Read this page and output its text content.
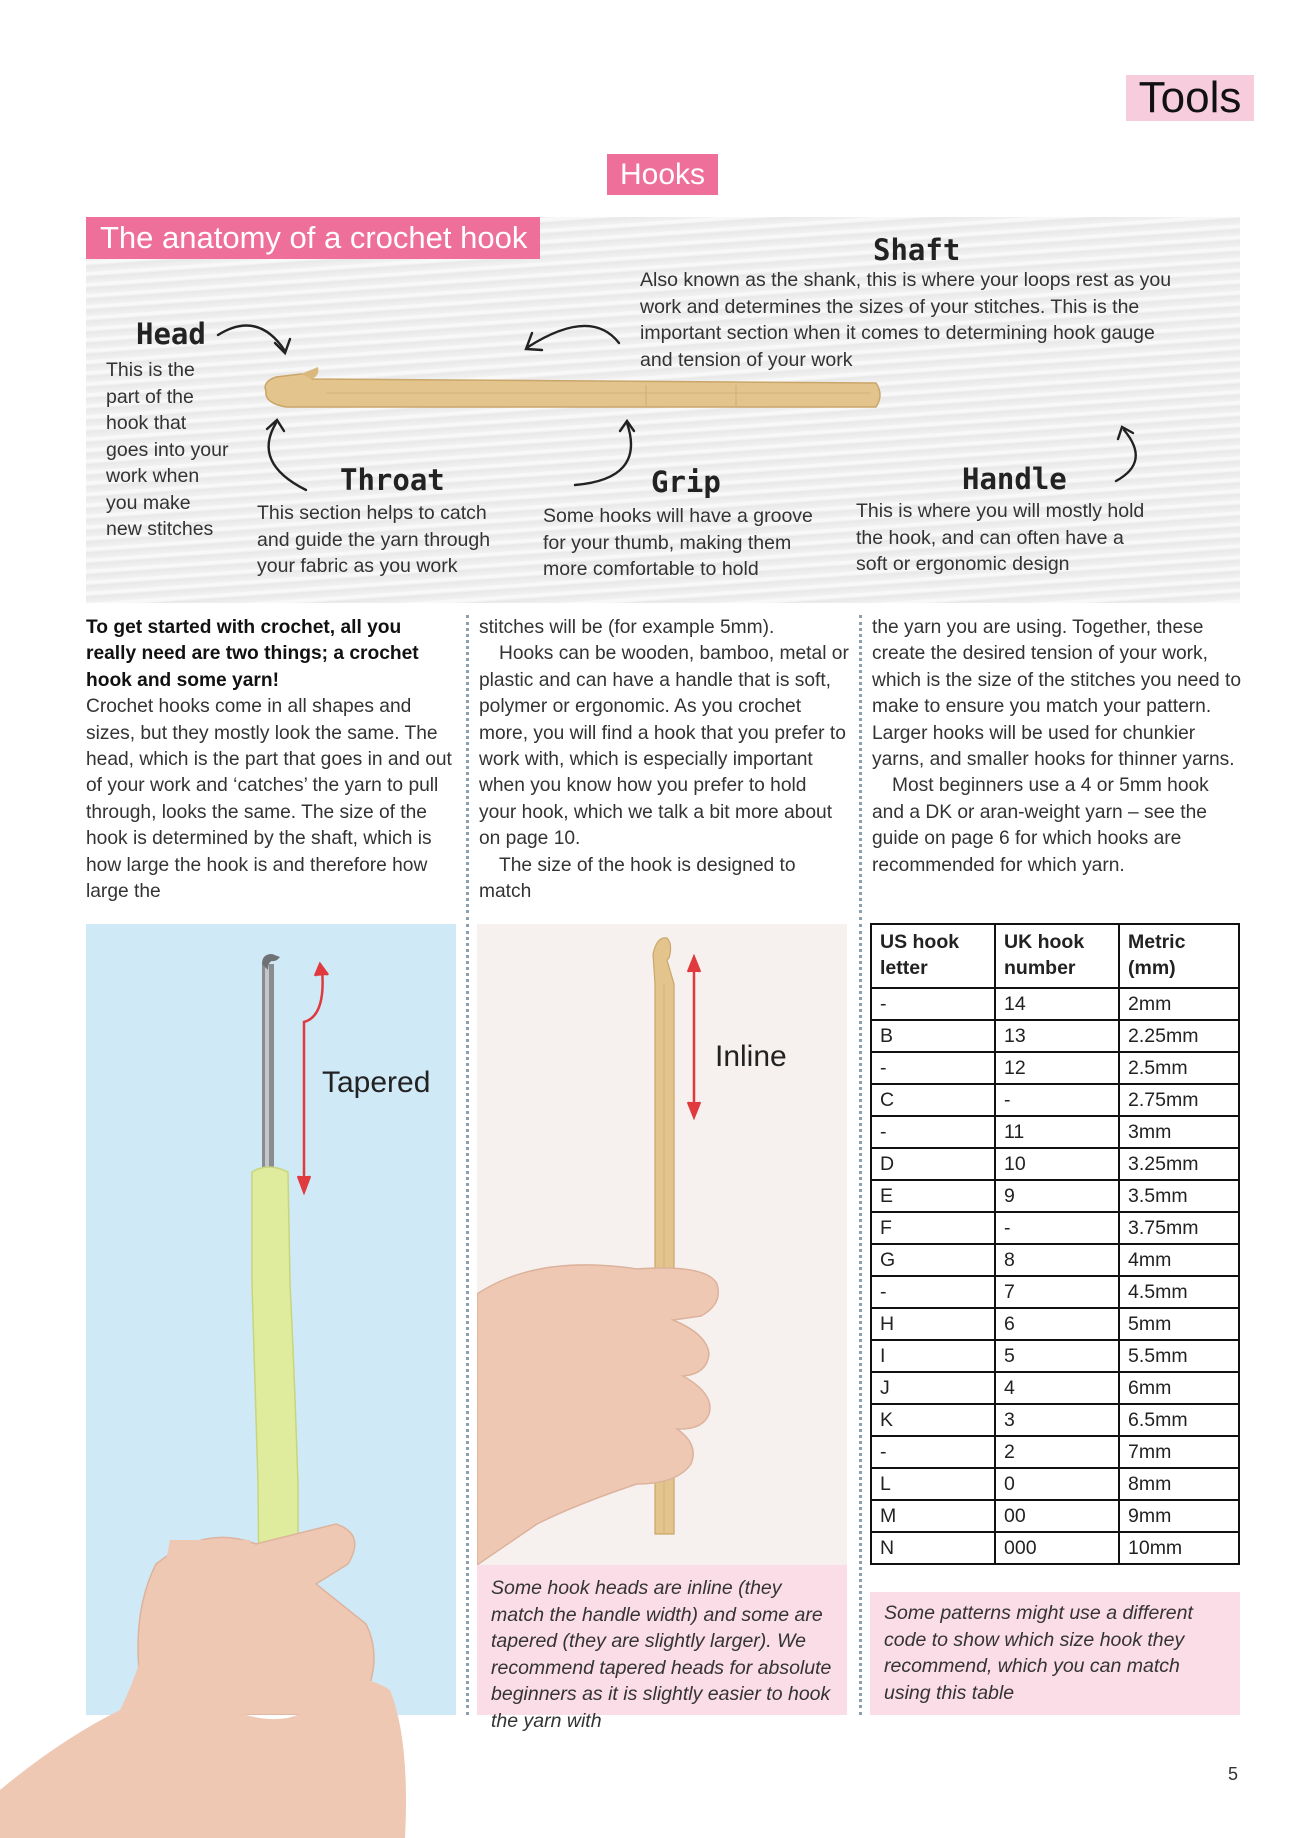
Tools
Hooks
The anatomy of a crochet hook
Head
This is the
part of the
hook that
goes into your
work when
you make
new stitches
Shaft
Also known as the shank, this is where your loops rest as you
work and determines the sizes of your stitches. This is the
important section when it comes to determining hook gauge
and tension of your work
Throat
This section helps to catch
and guide the yarn through
your fabric as you work
Grip
Some hooks will have a groove
for your thumb, making them
more comfortable to hold
Handle
This is where you will mostly hold
the hook, and can often have a
soft or ergonomic design

To get started with crochet, all you really need are two things; a crochet hook and some yarn!

Crochet hooks come in all shapes and sizes, but they mostly look the same. The head, which is the part that goes in and out of your work and ‘catches’ the yarn to pull through, looks the same. The size of the hook is determined by the shaft, which is how large the hook is and therefore how large the

stitches will be (for example 5mm).

Hooks can be wooden, bamboo, metal or plastic and can have a handle that is soft, polymer or ergonomic. As you crochet more, you will find a hook that you prefer to work with, which is especially important when you know how you prefer to hold your hook, which we talk a bit more about on page 10.

The size of the hook is designed to match

the yarn you are using. Together, these create the desired tension of your work, which is the size of the stitches you need to make to ensure you match your pattern. Larger hooks will be used for chunkier yarns, and smaller hooks for thinner yarns.

Most beginners use a 4 or 5mm hook and a DK or aran-weight yarn – see the guide on page 6 for which hooks are recommended for which yarn.

Tapered
Inline
Some hook heads are inline (they match the handle width) and some are tapered (they are slightly larger). We recommend tapered heads for absolute beginners as it is slightly easier to hook the yarn with
US hook letter	UK hook number	Metric (mm)
-	14	2mm
B	13	2.25mm
-	12	2.5mm
C	-	2.75mm
-	11	3mm
D	10	3.25mm
E	9	3.5mm
F	-	3.75mm
G	8	4mm
-	7	4.5mm
H	6	5mm
I	5	5.5mm
J	4	6mm
K	3	6.5mm
-	2	7mm
L	0	8mm
M	00	9mm
N	000	10mm
Some patterns might use a different code to show which size hook they recommend, which you can match using this table
5
